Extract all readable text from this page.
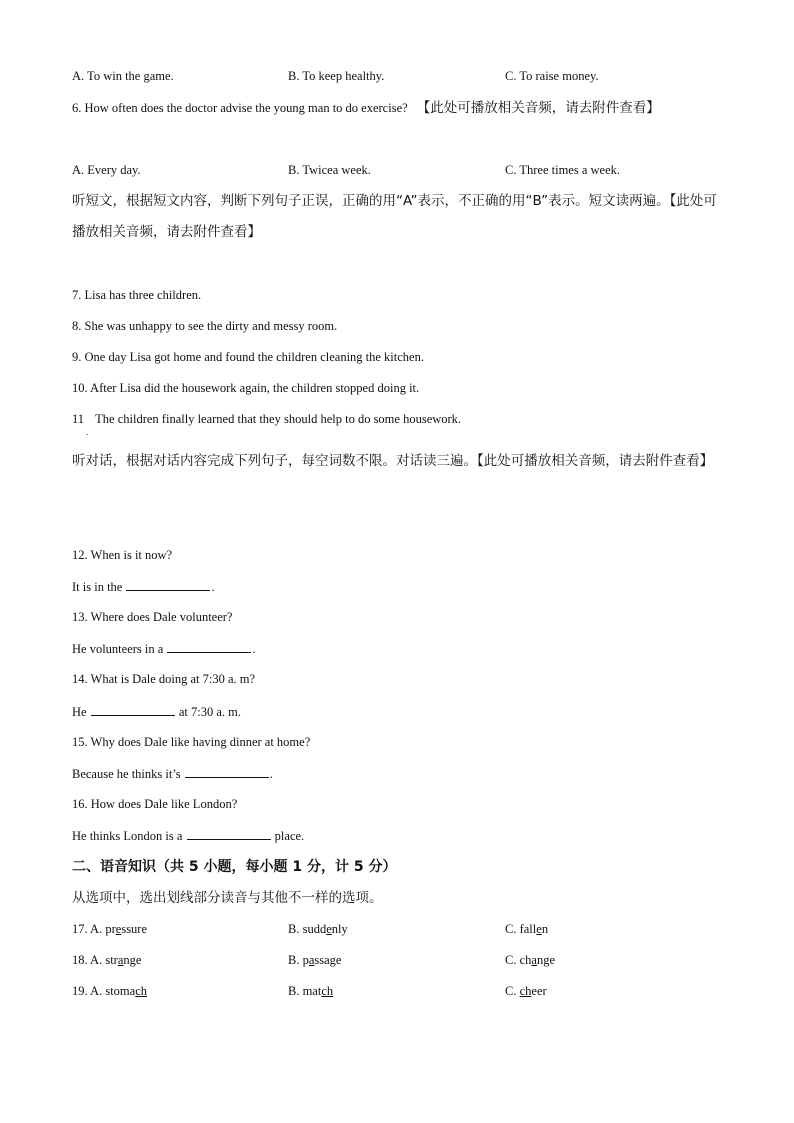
A. To win the game.	B. To keep healthy.	C. To raise money.
6. How often does the doctor advise the young man to do exercise? 【此处可播放相关音频，请去附件查看】
A. Every day.	B. Twicea week.	C. Three times a week.
听短文，根据短文内容，判断下列句子正误，正确的用“A”表示，不正确的用“B”表示。短文读两遍。【此处可播放相关音频，请去附件查看】
7. Lisa has three children.
8. She was unhappy to see the dirty and messy room.
9. One day Lisa got home and found the children cleaning the kitchen.
10. After Lisa did the housework again, the children stopped doing it.
11 The children finally learned that they should help to do some housework.
.
听对话，根据对话内容完成下列句子，每空词数不限。对话读三遍。【此处可播放相关音频，请去附件查看】
12. When is it now?
It is in the	.
13. Where does Dale volunteer?
He volunteers in a	.
14. What is Dale doing at 7:30 a. m?
He	at 7:30 a. m.
15. Why does Dale like having dinner at home?
Because he thinks it’s	.
16. How does Dale like London?
He thinks London is a	place.
二、语音知识（共 5 小题，每小题 1 分，计 5 分）
从选项中，选出划线部分读音与其他不一样的选项。
17. A. pressure	B. suddenly	C. fallen
18. A. strange	B. passage	C. change
19. A. stomach	B. match	C. cheer
